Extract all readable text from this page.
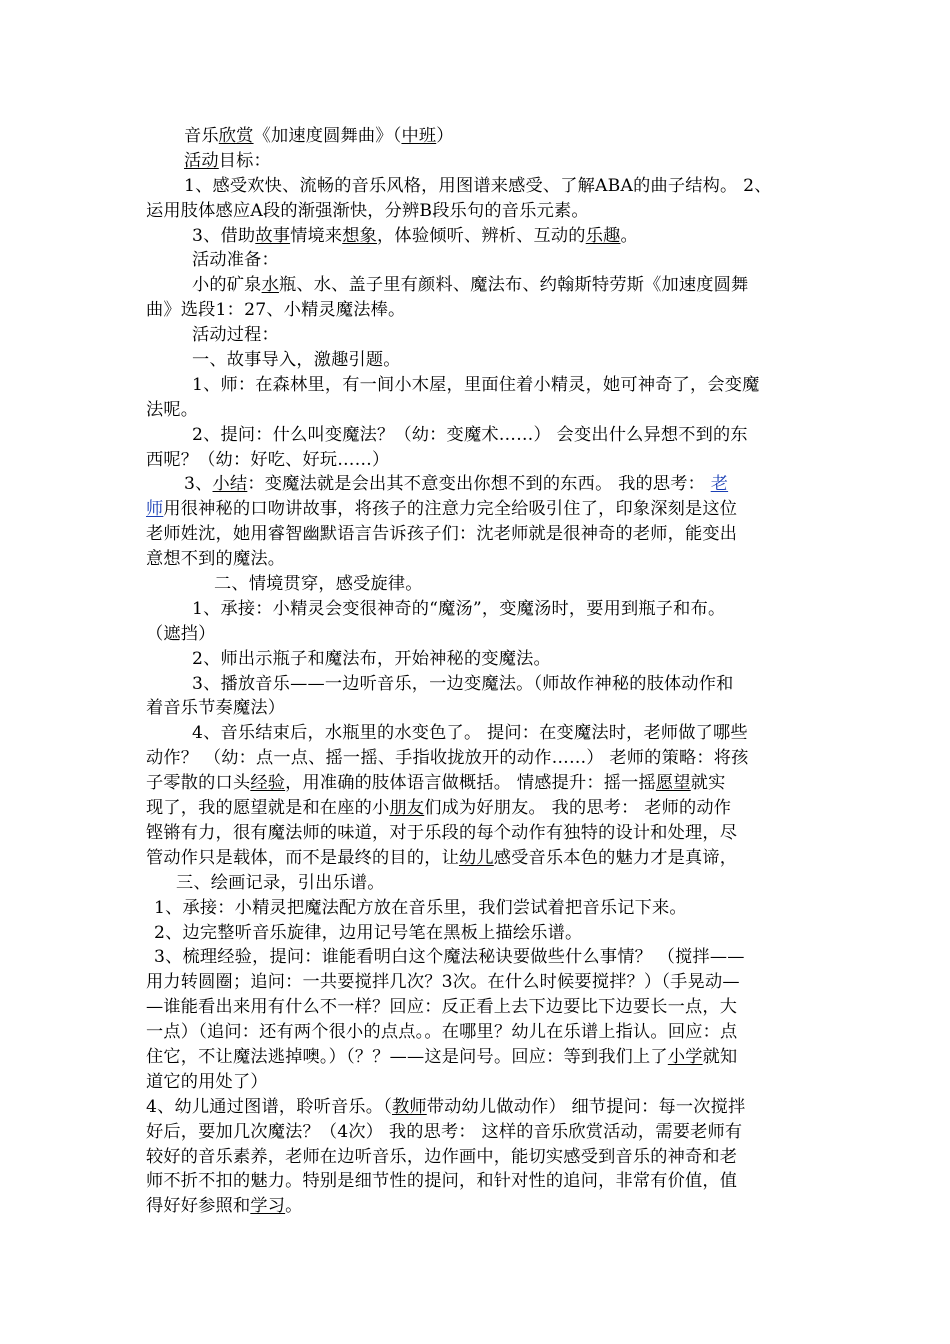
音乐欣赏《加速度圆舞曲》（中班）
活动目标：
1、感受欢快、流畅的音乐风格，用图谱来感受、了解ABA的曲子结构。 2、
运用肢体感应A段的渐强渐快，分辨B段乐句的音乐元素。
3、借助故事情境来想象，体验倾听、辨析、互动的乐趣。
活动准备：
小的矿泉水瓶、水、盖子里有颜料、魔法布、约翰斯特劳斯《加速度圆舞
曲》选段1：27、小精灵魔法棒。
活动过程：
一、故事导入，激趣引题。
1、师：在森林里，有一间小木屋，里面住着小精灵，她可神奇了，会变魔
法呢。
2、提问：什么叫变魔法？（幼：变魔术……） 会变出什么异想不到的东
西呢？（幼：好吃、好玩……）
3、小结：变魔法就是会出其不意变出你想不到的东西。 我的思考： 老
师用很神秘的口吻讲故事，将孩子的注意力完全给吸引住了，印象深刻是这位
老师姓沈，她用睿智幽默语言告诉孩子们：沈老师就是很神奇的老师，能变出
意想不到的魔法。
二、情境贯穿，感受旋律。
1、承接：小精灵会变很神奇的“魔汤”，变魔汤时，要用到瓶子和布。
（遮挡）
2、师出示瓶子和魔法布，开始神秘的变魔法。
3、播放音乐——一边听音乐，一边变魔法。（师故作神秘的肢体动作和
着音乐节奏魔法）
4、音乐结束后，水瓶里的水变色了。 提问：在变魔法时，老师做了哪些
动作？ （幼：点一点、摇一摇、手指收拢放开的动作……） 老师的策略：将孩
子零散的口头经验，用准确的肢体语言做概括。 情感提升：摇一摇愿望就实
现了，我的愿望就是和在座的小朋友们成为好朋友。 我的思考： 老师的动作
铿锵有力，很有魔法师的味道，对于乐段的每个动作有独特的设计和处理，尽
管动作只是载体，而不是最终的目的，让幼儿感受音乐本色的魅力才是真谛，
三、绘画记录，引出乐谱。
1、承接：小精灵把魔法配方放在音乐里，我们尝试着把音乐记下来。
2、边完整听音乐旋律，边用记号笔在黑板上描绘乐谱。
3、梳理经验，提问：谁能看明白这个魔法秘诀要做些什么事情？ （搅拌——
用力转圆圈；追问：一共要搅拌几次？3次。在什么时候要搅拌？）（手晃动—
—谁能看出来用有什么不一样？回应：反正看上去下边要比下边要长一点，大
一点）（追问：还有两个很小的点点。。在哪里？幼儿在乐谱上指认。回应：点
住它，不让魔法逃掉噢。）（？？——这是问号。回应：等到我们上了小学就知
道它的用处了）
4、幼儿通过图谱，聆听音乐。（教师带动幼儿做动作） 细节提问：每一次搅拌
好后，要加几次魔法？（4次） 我的思考： 这样的音乐欣赏活动，需要老师有
较好的音乐素养，老师在边听音乐，边作画中，能切实感受到音乐的神奇和老
师不折不扣的魅力。特别是细节性的提问，和针对性的追问，非常有价值，值
得好好参照和学习。
